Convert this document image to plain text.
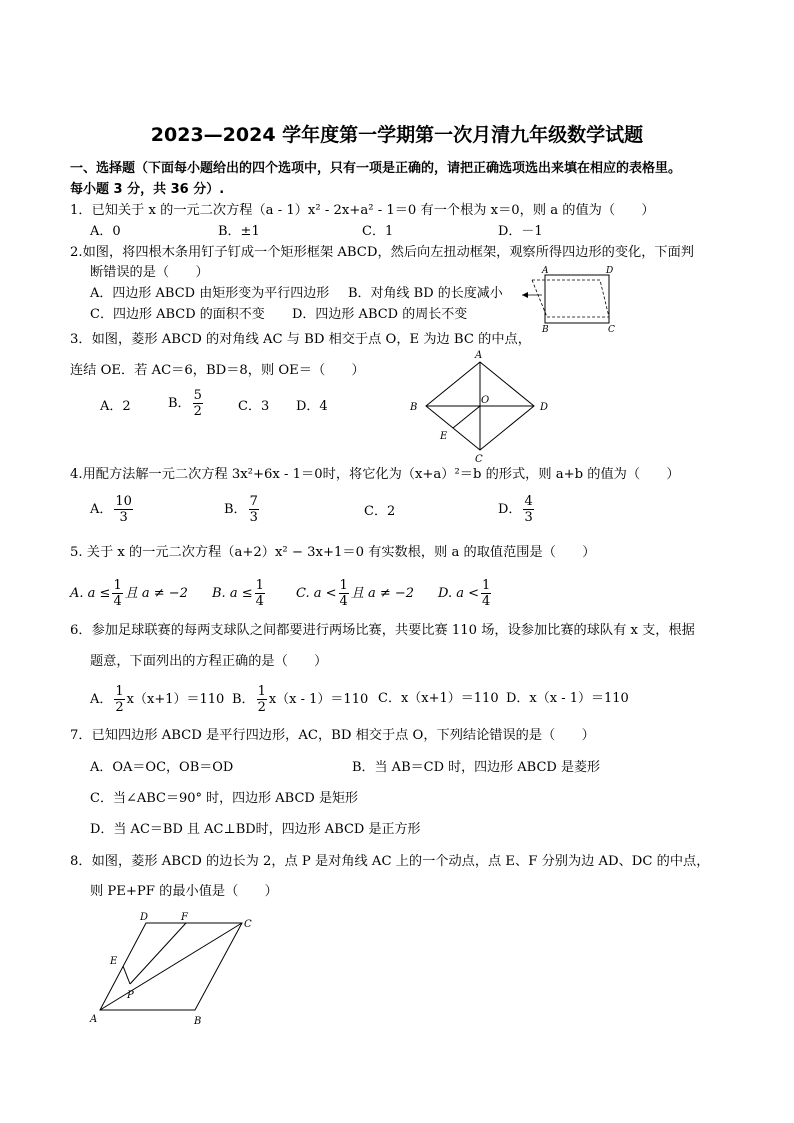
2023—2024 学年度第一学期第一次月清九年级数学试题
一、选择题（下面每小题给出的四个选项中，只有一项是正确的，请把正确选项选出来填在相应的表格里。
每小题 3 分，共 36 分）.
1．已知关于 x 的一元二次方程（a - 1）x² - 2x+a² - 1＝0 有一个根为 x＝0，则 a 的值为（　　）
A．0	B．±1	C．1	D．－1
2.如图，将四根木条用钉子钉成一个矩形框架 ABCD，然后向左扭动框架，观察所得四边形的变化，下面判
断错误的是（　　）
A．四边形 ABCD 由矩形变为平行四边形 B．对角线 BD 的长度减小
C．四边形 ABCD 的面积不变 D．四边形 ABCD 的周长不变
A	D
B	C
3．如图，菱形 ABCD 的对角线 AC 与 BD 相交于点 O，E 为边 BC 的中点，
连结 OE．若 AC＝6，BD＝8，则 OE＝（　　）
A．2	B． $\frac{5}{2}$	C．3 D．4
A
B
O
D
E
C
4.用配方法解一元二次方程 3x²+6x - 1＝0时，将它化为（x+a）²＝b 的形式，则 a+b 的值为（　　）
A． $\frac{10}{3}$	B． $\frac{7}{3}$	C．2	D． $\frac{4}{3}$
5. 关于 x 的一元二次方程（a+2）x² − 3x+1＝0 有实数根，则 a 的取值范围是（　　）
A. $a \le \frac{1}{4}$ 且 a ≠ −2 B. $a \le \frac{1}{4} C$. $a < \frac{1}{4}$ 且 a ≠ −2 D. $a < \frac{1}{4}$
6．参加足球联赛的每两支球队之间都要进行两场比赛，共要比赛 110 场，设参加比赛的球队有 x 支，根据
题意，下面列出的方程正确的是（　　）
A． $\frac{1}{2} x(x+1)=110$ B． $\frac{1}{2} x(x - 1)=110$ C．x（x+1）＝110 D．x（x - 1）＝110
7．已知四边形 ABCD 是平行四边形，AC，BD 相交于点 O，下列结论错误的是（　　）
A．OA＝OC，OB＝OD	B．当 AB＝CD 时，四边形 ABCD 是菱形
C．当∠ABC＝90° 时，四边形 ABCD 是矩形
D．当 AC＝BD 且 AC⊥BD时，四边形 ABCD 是正方形
8．如图，菱形 ABCD 的边长为 2，点 P 是对角线 AC 上的一个动点，点 E、F 分别为边 AD、DC 的中点，
则 PE+PF 的最小值是（　　）
D	F
C
E
P
A	B
